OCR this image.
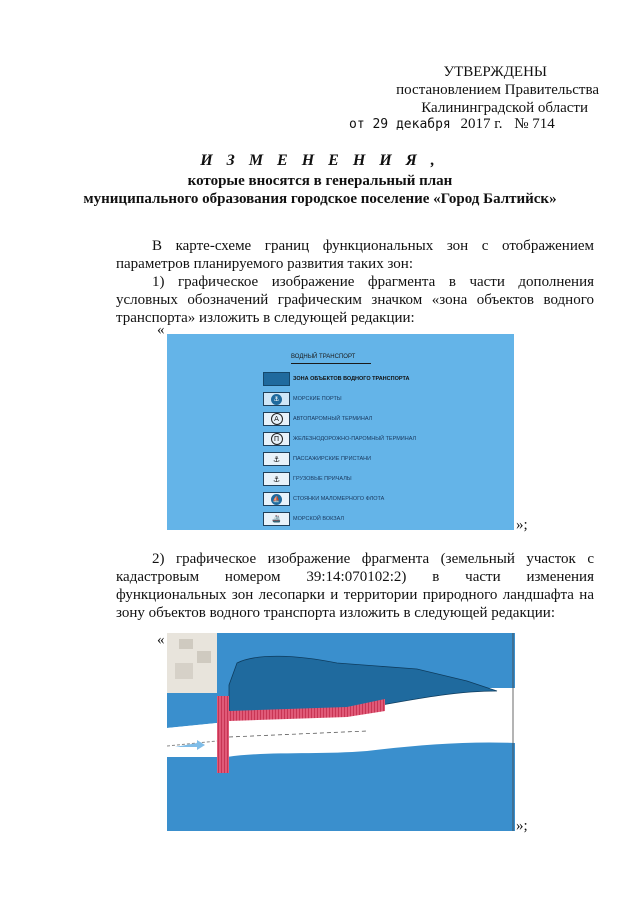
УТВЕРЖДЕНЫ
постановлением Правительства
Калининградской области
от 29 декабря 2017 г. № 714
И З М Е Н Е Н И Я ,
которые вносятся в генеральный план
муниципального образования городское поселение «Город Балтийск»

В карте-схеме границ функциональных зон с отображением параметров планируемого развития таких зон:

1) графическое изображение фрагмента в части дополнения условных обозначений графическим значком «зона объектов водного транспорта» изложить в следующей редакции:

«
ВОДНЫЙ ТРАНСПОРТ
ЗОНА ОБЪЕКТОВ ВОДНОГО ТРАНСПОРТА
⚓	МОРСКИЕ ПОРТЫ
А	АВТОПАРОМНЫЙ ТЕРМИНАЛ
П	ЖЕЛЕЗНОДОРОЖНО-ПАРОМНЫЙ ТЕРМИНАЛ
⚓ ПАССАЖИРСКИЕ ПРИСТАНИ
⚓ ГРУЗОВЫЕ ПРИЧАЛЫ
⛵	СТОЯНКИ МАЛОМЕРНОГО ФЛОТА
🚢 МОРСКОЙ ВОКЗАЛ	»;

2) графическое изображение фрагмента (земельный участок с кадастровым номером 39:14:070102:2) в части изменения функциональных зон лесопарки и территории природного ландшафта на зону объектов водного транспорта изложить в следующей редакции:

«
»;
